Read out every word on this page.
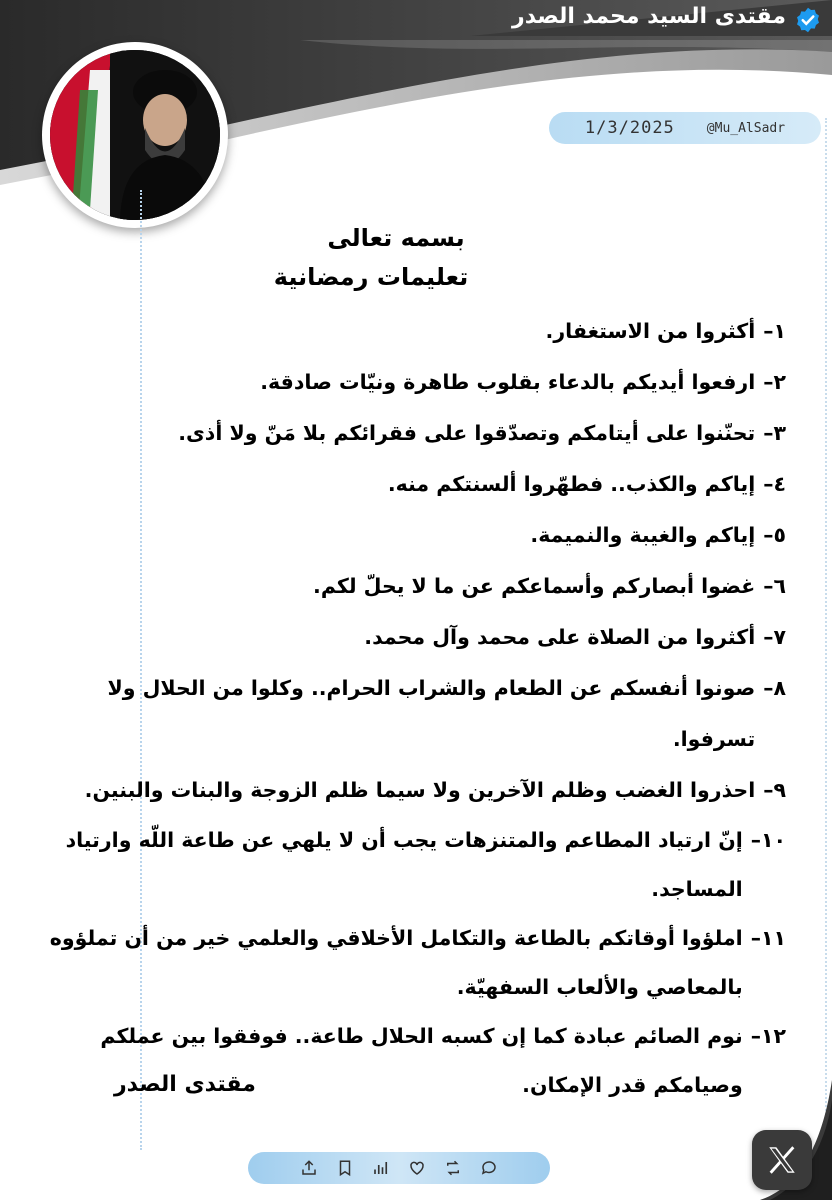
مقتدى السيد محمد الصدر
1/3/2025 @Mu_AlSadr

بسمه تعالى

تعليمات رمضانية

١–
أكثروا من الاستغفار.
٢–
ارفعوا أيديكم بالدعاء بقلوب طاهرة ونيّات صادقة.
٣–
تحنّنوا على أيتامكم وتصدّقوا على فقرائكم بلا مَنّ ولا أذى.
٤–
إياكم والكذب.. فطهّروا ألسنتكم منه.
٥–
إياكم والغيبة والنميمة.
٦–
غضوا أبصاركم وأسماعكم عن ما لا يحلّ لكم.
٧–
أكثروا من الصلاة على محمد وآل محمد.
٨–
صونوا أنفسكم عن الطعام والشراب الحرام.. وكلوا من الحلال ولا تسرفوا.
٩–
احذروا الغضب وظلم الآخرين ولا سيما ظلم الزوجة والبنات والبنين.
١٠–
إنّ ارتياد المطاعم والمتنزهات يجب أن لا يلهي عن طاعة اللّه وارتياد المساجد.
١١–
املؤوا أوقاتكم بالطاعة والتكامل الأخلاقي والعلمي خير من أن تملؤوه بالمعاصي والألعاب السفهيّة.
١٢–
نوم الصائم عبادة كما إن كسبه الحلال طاعة.. فوفقوا بين عملكم وصيامكم قدر الإمكان.
مقتدى الصدر
